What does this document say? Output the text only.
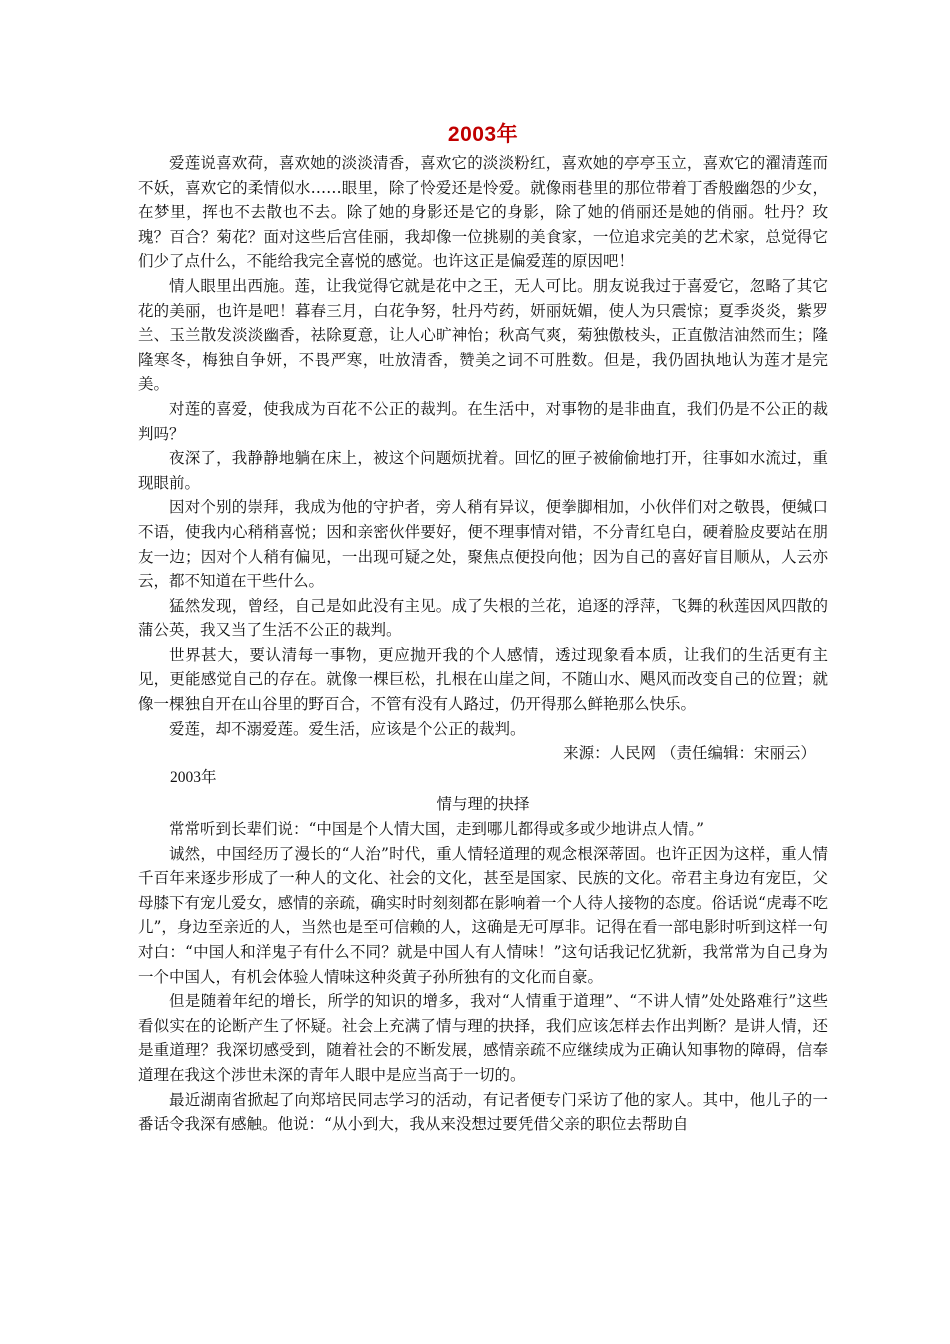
2003年

爱莲说喜欢荷，喜欢她的淡淡清香，喜欢它的淡淡粉红，喜欢她的亭亭玉立，喜欢它的濯清莲而不妖，喜欢它的柔情似水……眼里，除了怜爱还是怜爱。就像雨巷里的那位带着丁香般幽怨的少女，在梦里，挥也不去散也不去。除了她的身影还是它的身影，除了她的俏丽还是她的俏丽。牡丹？玫瑰？百合？菊花？面对这些后宫佳丽，我却像一位挑剔的美食家，一位追求完美的艺术家，总觉得它们少了点什么，不能给我完全喜悦的感觉。也许这正是偏爱莲的原因吧！

情人眼里出西施。莲，让我觉得它就是花中之王，无人可比。朋友说我过于喜爱它，忽略了其它花的美丽，也许是吧！暮春三月，白花争努，牡丹芍药，妍丽妩媚，使人为只震惊；夏季炎炎，紫罗兰、玉兰散发淡淡幽香，祛除夏意，让人心旷神怡；秋高气爽，菊独傲枝头，正直傲洁油然而生；隆隆寒冬，梅独自争妍，不畏严寒，吐放清香，赞美之词不可胜数。但是，我仍固执地认为莲才是完美。

对莲的喜爱，使我成为百花不公正的裁判。在生活中，对事物的是非曲直，我们仍是不公正的裁判吗？

夜深了，我静静地躺在床上，被这个问题烦扰着。回忆的匣子被偷偷地打开，往事如水流过，重现眼前。

因对个别的崇拜，我成为他的守护者，旁人稍有异议，便拳脚相加，小伙伴们对之敬畏，便缄口不语，使我内心稍稍喜悦；因和亲密伙伴要好，便不理事情对错，不分青红皂白，硬着脸皮要站在朋友一边；因对个人稍有偏见，一出现可疑之处，聚焦点便投向他；因为自己的喜好盲目顺从，人云亦云，都不知道在干些什么。

猛然发现，曾经，自己是如此没有主见。成了失根的兰花，追逐的浮萍，飞舞的秋莲因风四散的蒲公英，我又当了生活不公正的裁判。

世界甚大，要认清每一事物，更应抛开我的个人感情，透过现象看本质，让我们的生活更有主见，更能感觉自己的存在。就像一棵巨松，扎根在山崖之间，不随山水、飓风而改变自己的位置；就像一棵独自开在山谷里的野百合，不管有没有人路过，仍开得那么鲜艳那么快乐。

爱莲，却不溺爱莲。爱生活，应该是个公正的裁判。

来源：人民网 （责任编辑：宋丽云）

2003年

情与理的抉择

常常听到长辈们说：“中国是个人情大国，走到哪儿都得或多或少地讲点人情。”

诚然，中国经历了漫长的“人治”时代，重人情轻道理的观念根深蒂固。也许正因为这样，重人情千百年来逐步形成了一种人的文化、社会的文化，甚至是国家、民族的文化。帝君主身边有宠臣，父母膝下有宠儿爱女，感情的亲疏，确实时时刻刻都在影响着一个人待人接物的态度。俗话说“虎毒不吃儿”，身边至亲近的人，当然也是至可信赖的人，这确是无可厚非。记得在看一部电影时听到这样一句对白：“中国人和洋鬼子有什么不同？就是中国人有人情味！”这句话我记忆犹新，我常常为自己身为一个中国人，有机会体验人情味这种炎黄子孙所独有的文化而自豪。

但是随着年纪的增长，所学的知识的增多，我对“人情重于道理”、“不讲人情”处处路难行”这些看似实在的论断产生了怀疑。社会上充满了情与理的抉择，我们应该怎样去作出判断？是讲人情，还是重道理？我深切感受到，随着社会的不断发展，感情亲疏不应继续成为正确认知事物的障碍，信奉道理在我这个涉世未深的青年人眼中是应当高于一切的。

最近湖南省掀起了向郑培民同志学习的活动，有记者便专门采访了他的家人。其中，他儿子的一番话令我深有感触。他说：“从小到大，我从来没想过要凭借父亲的职位去帮助自
